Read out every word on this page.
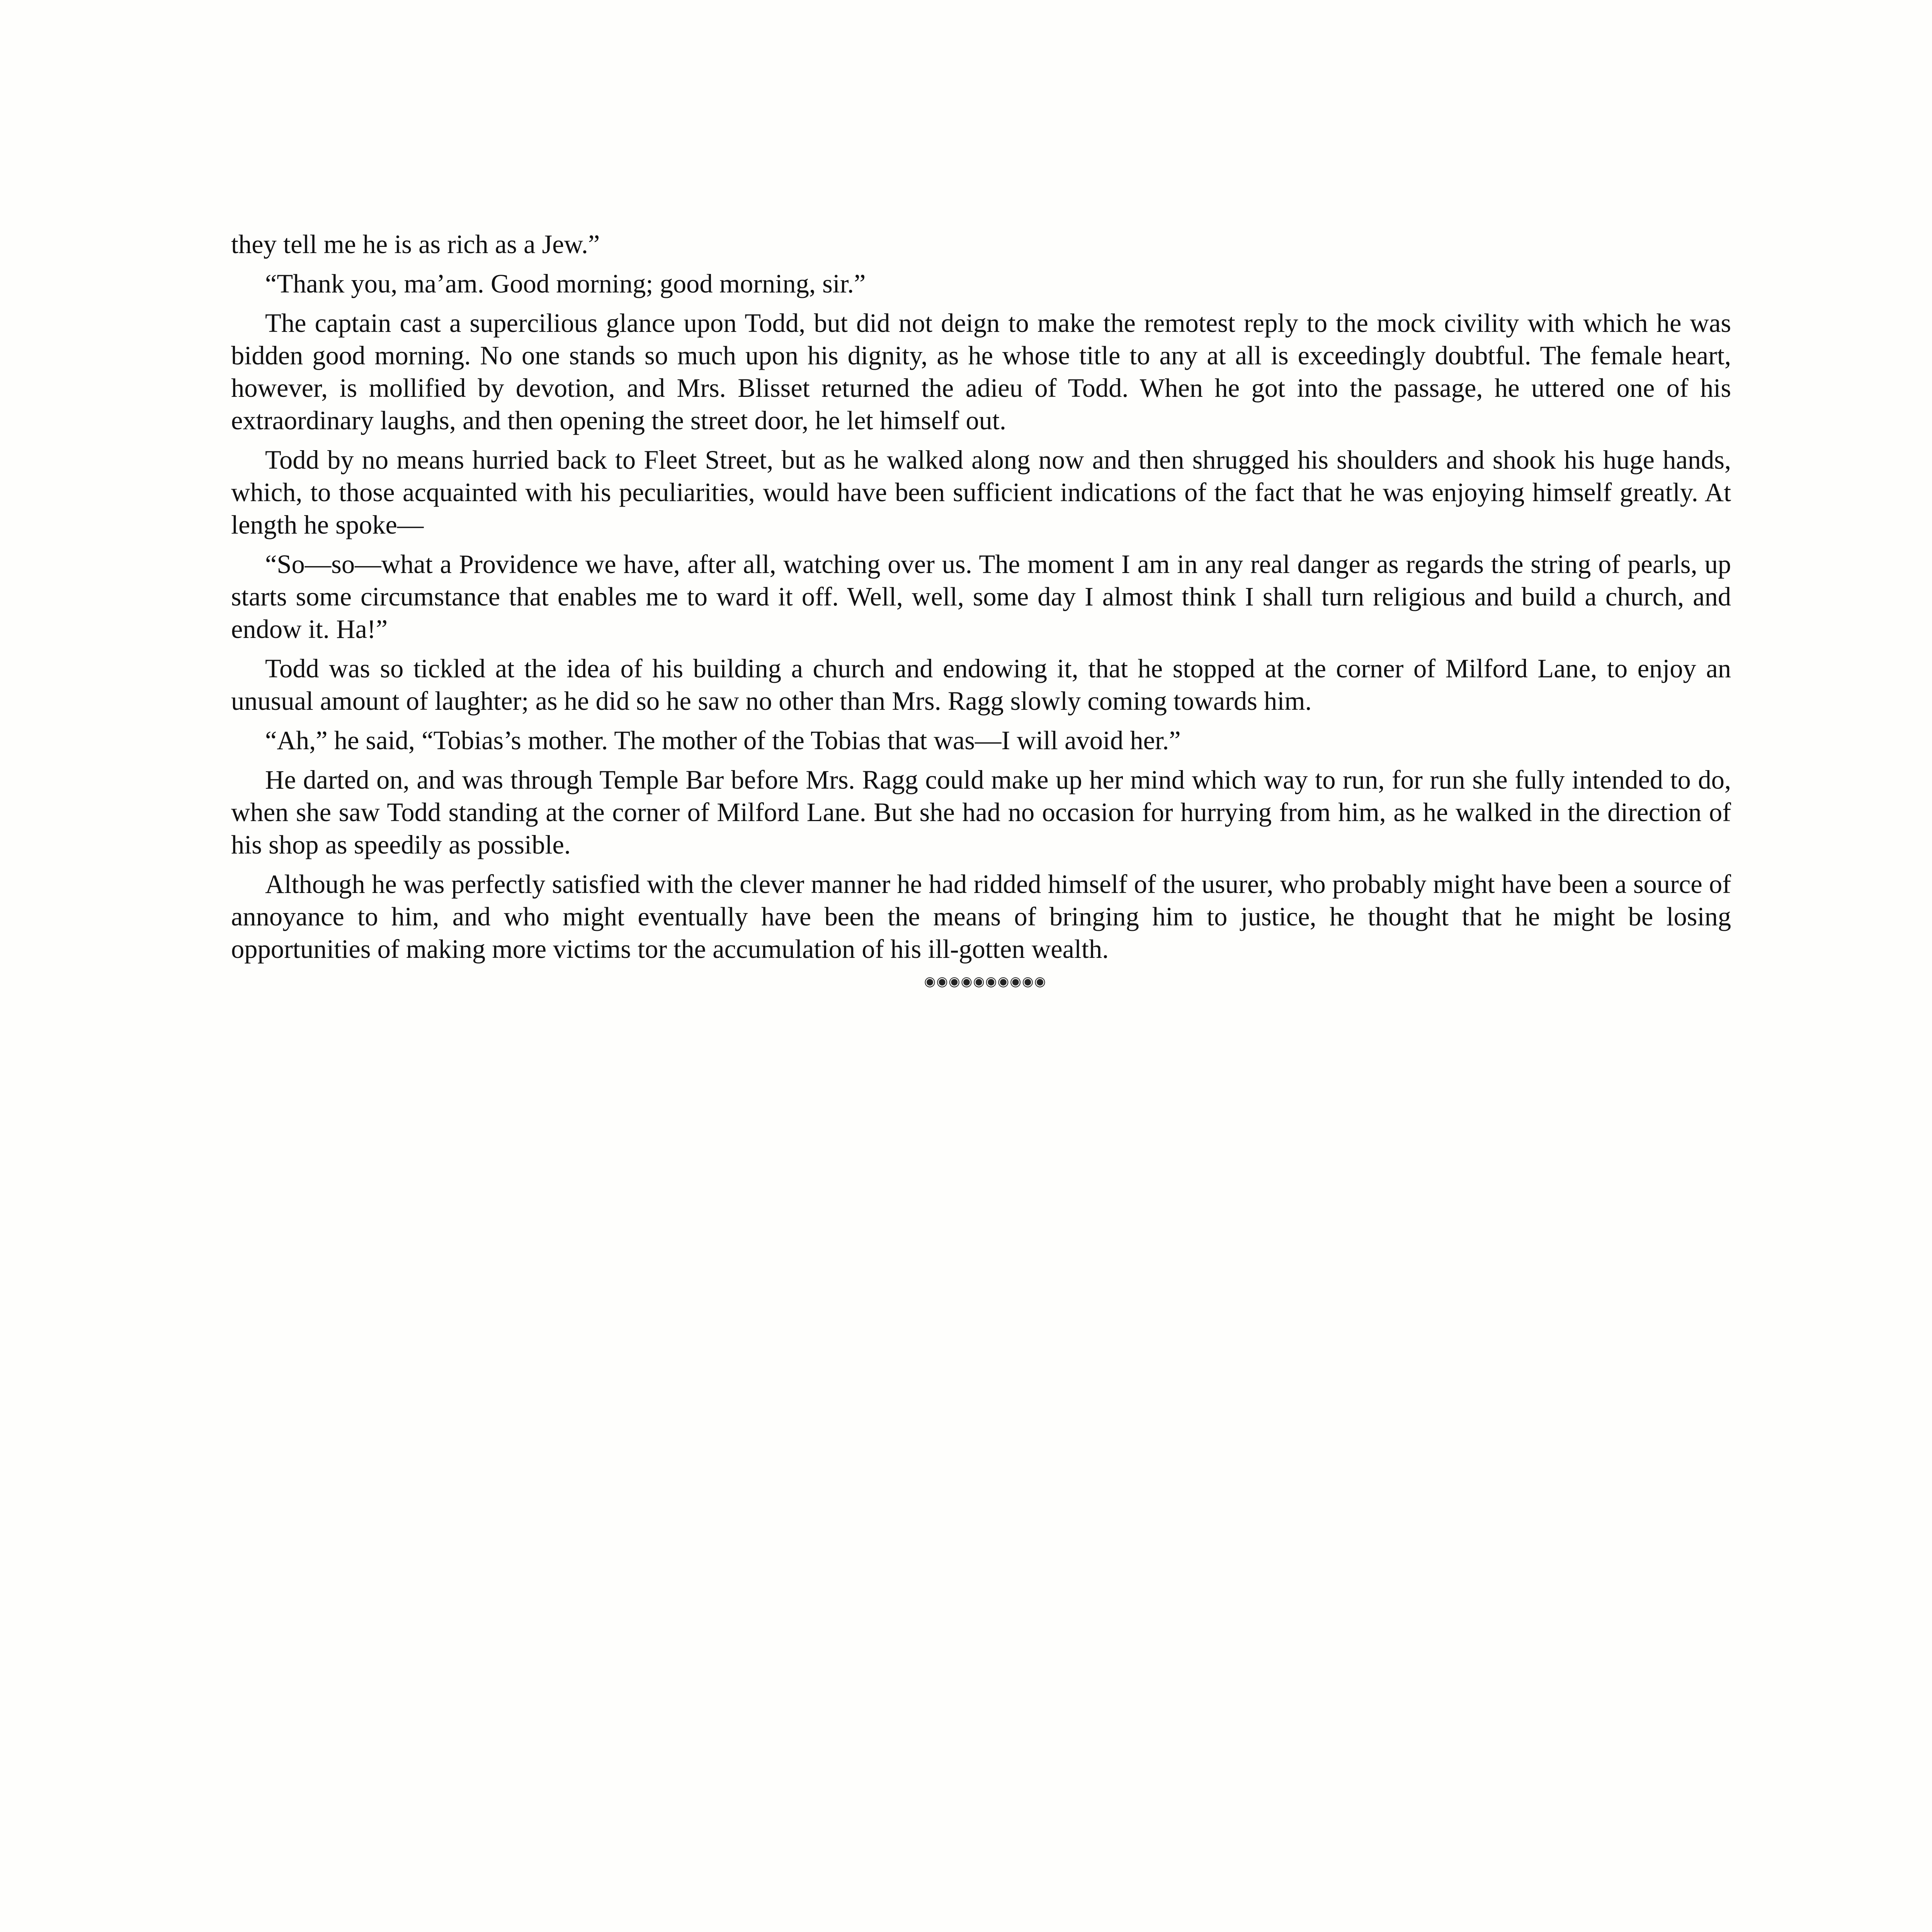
they tell me he is as rich as a Jew.”

“Thank you, ma’am. Good morning; good morning, sir.”

The captain cast a supercilious glance upon Todd, but did not deign to make the remotest reply to the mock civility with which he was bidden good morning. No one stands so much upon his dignity, as he whose title to any at all is exceedingly doubtful. The female heart, however, is mollified by devotion, and Mrs. Blisset returned the adieu of Todd. When he got into the passage, he uttered one of his extraordinary laughs, and then opening the street door, he let himself out.

Todd by no means hurried back to Fleet Street, but as he walked along now and then shrugged his shoulders and shook his huge hands, which, to those acquainted with his peculiarities, would have been sufficient indications of the fact that he was enjoying himself greatly. At length he spoke—

“So—so—what a Providence we have, after all, watching over us. The moment I am in any real danger as regards the string of pearls, up starts some circumstance that enables me to ward it off. Well, well, some day I almost think I shall turn religious and build a church, and endow it. Ha!”

Todd was so tickled at the idea of his building a church and endowing it, that he stopped at the corner of Milford Lane, to enjoy an unusual amount of laughter; as he did so he saw no other than Mrs. Ragg slowly coming towards him.

“Ah,” he said, “Tobias’s mother. The mother of the Tobias that was—I will avoid her.”

He darted on, and was through Temple Bar before Mrs. Ragg could make up her mind which way to run, for run she fully intended to do, when she saw Todd standing at the corner of Milford Lane. But she had no occasion for hurrying from him, as he walked in the direction of his shop as speedily as possible.

Although he was perfectly satisfied with the clever manner he had ridded himself of the usurer, who probably might have been a source of annoyance to him, and who might eventually have been the means of bringing him to justice, he thought that he might be losing opportunities of making more victims tor the accumulation of his ill-gotten wealth.

◉◉◉◉◉◉◉◉◉◉
